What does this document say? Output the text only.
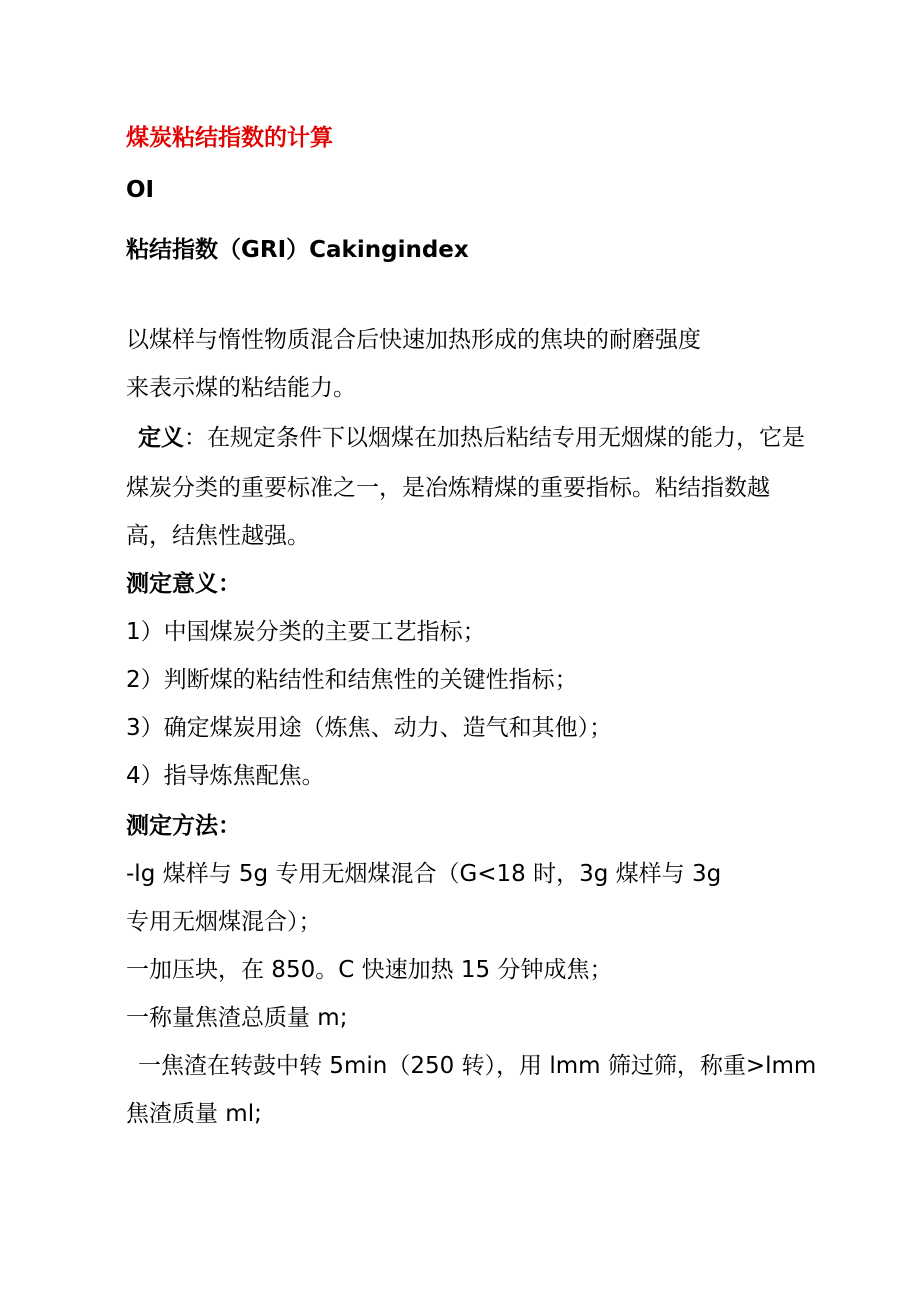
煤炭粘结指数的计算
OI
粘结指数（GRI）Cakingindex
以煤样与惰性物质混合后快速加热形成的焦块的耐磨强度
来表示煤的粘结能力。
定义：在规定条件下以烟煤在加热后粘结专用无烟煤的能力，它是
煤炭分类的重要标准之一，是冶炼精煤的重要指标。粘结指数越
高，结焦性越强。
测定意义：
1）中国煤炭分类的主要工艺指标；
2）判断煤的粘结性和结焦性的关键性指标；
3）确定煤炭用途（炼焦、动力、造气和其他）；
4）指导炼焦配焦。
测定方法：
-lg 煤样与 5g 专用无烟煤混合（G<18 时，3g 煤样与 3g
专用无烟煤混合）；
一加压块，在 850。C 快速加热 15 分钟成焦；
一称量焦渣总质量 m;
一焦渣在转鼓中转 5min（250 转），用 lmm 筛过筛，称重>lmm
焦渣质量 ml;
